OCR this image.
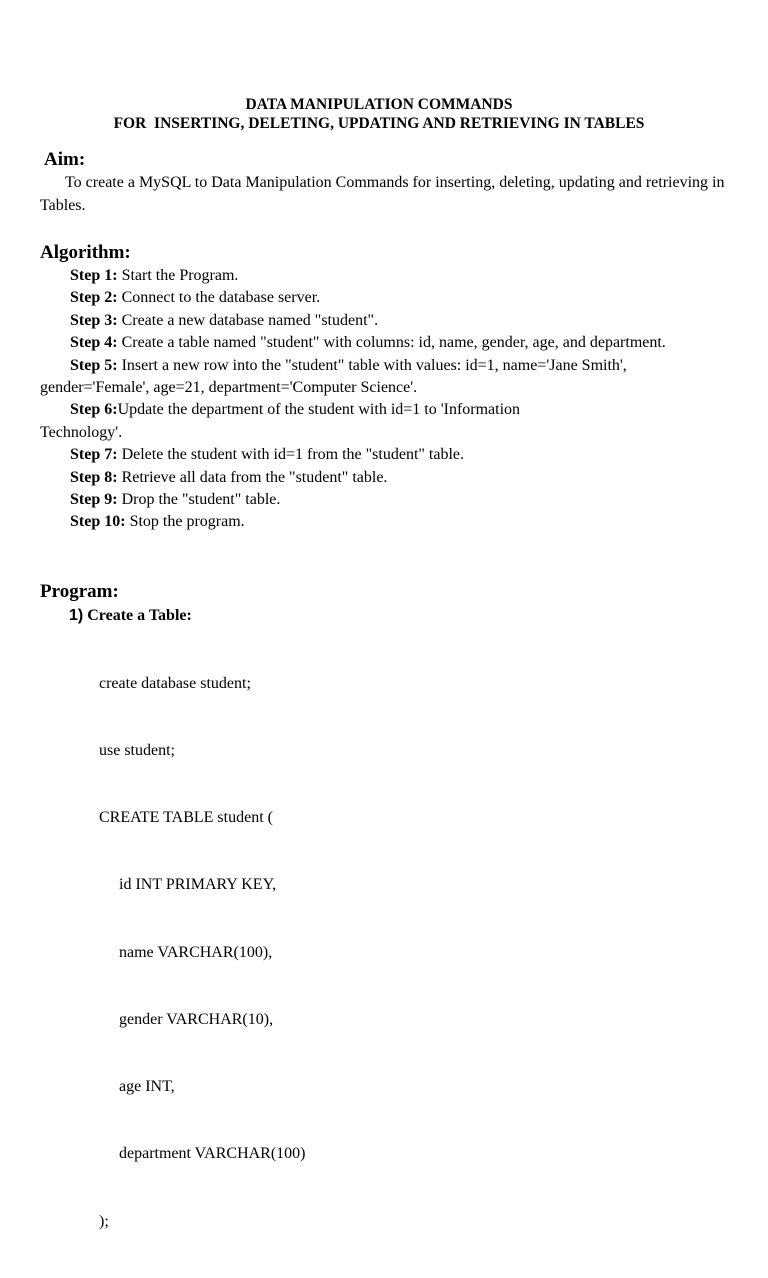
DATA MANIPULATION COMMANDS
FOR  INSERTING, DELETING, UPDATING AND RETRIEVING IN TABLES
Aim:
To create a MySQL to Data Manipulation Commands for inserting, deleting, updating and retrieving in Tables.
Algorithm:

Step 1: Start the Program.

Step 2: Connect to the database server.

Step 3: Create a new database named "student".

Step 4: Create a table named "student" with columns: id, name, gender, age, and department.

Step 5: Insert a new row into the "student" table with values: id=1, name='Jane Smith', gender='Female', age=21, department='Computer Science'.

Step 6:Update the department of the student with id=1 to 'Information
Technology'.

Step 7: Delete the student with id=1 from the "student" table.

Step 8: Retrieve all data from the "student" table.

Step 9: Drop the "student" table.

Step 10: Stop the program.

Program:
1) Create a Table:

create database student;

use student;

CREATE TABLE student (

id INT PRIMARY KEY,

name VARCHAR(100),

gender VARCHAR(10),

age INT,

department VARCHAR(100)

);
